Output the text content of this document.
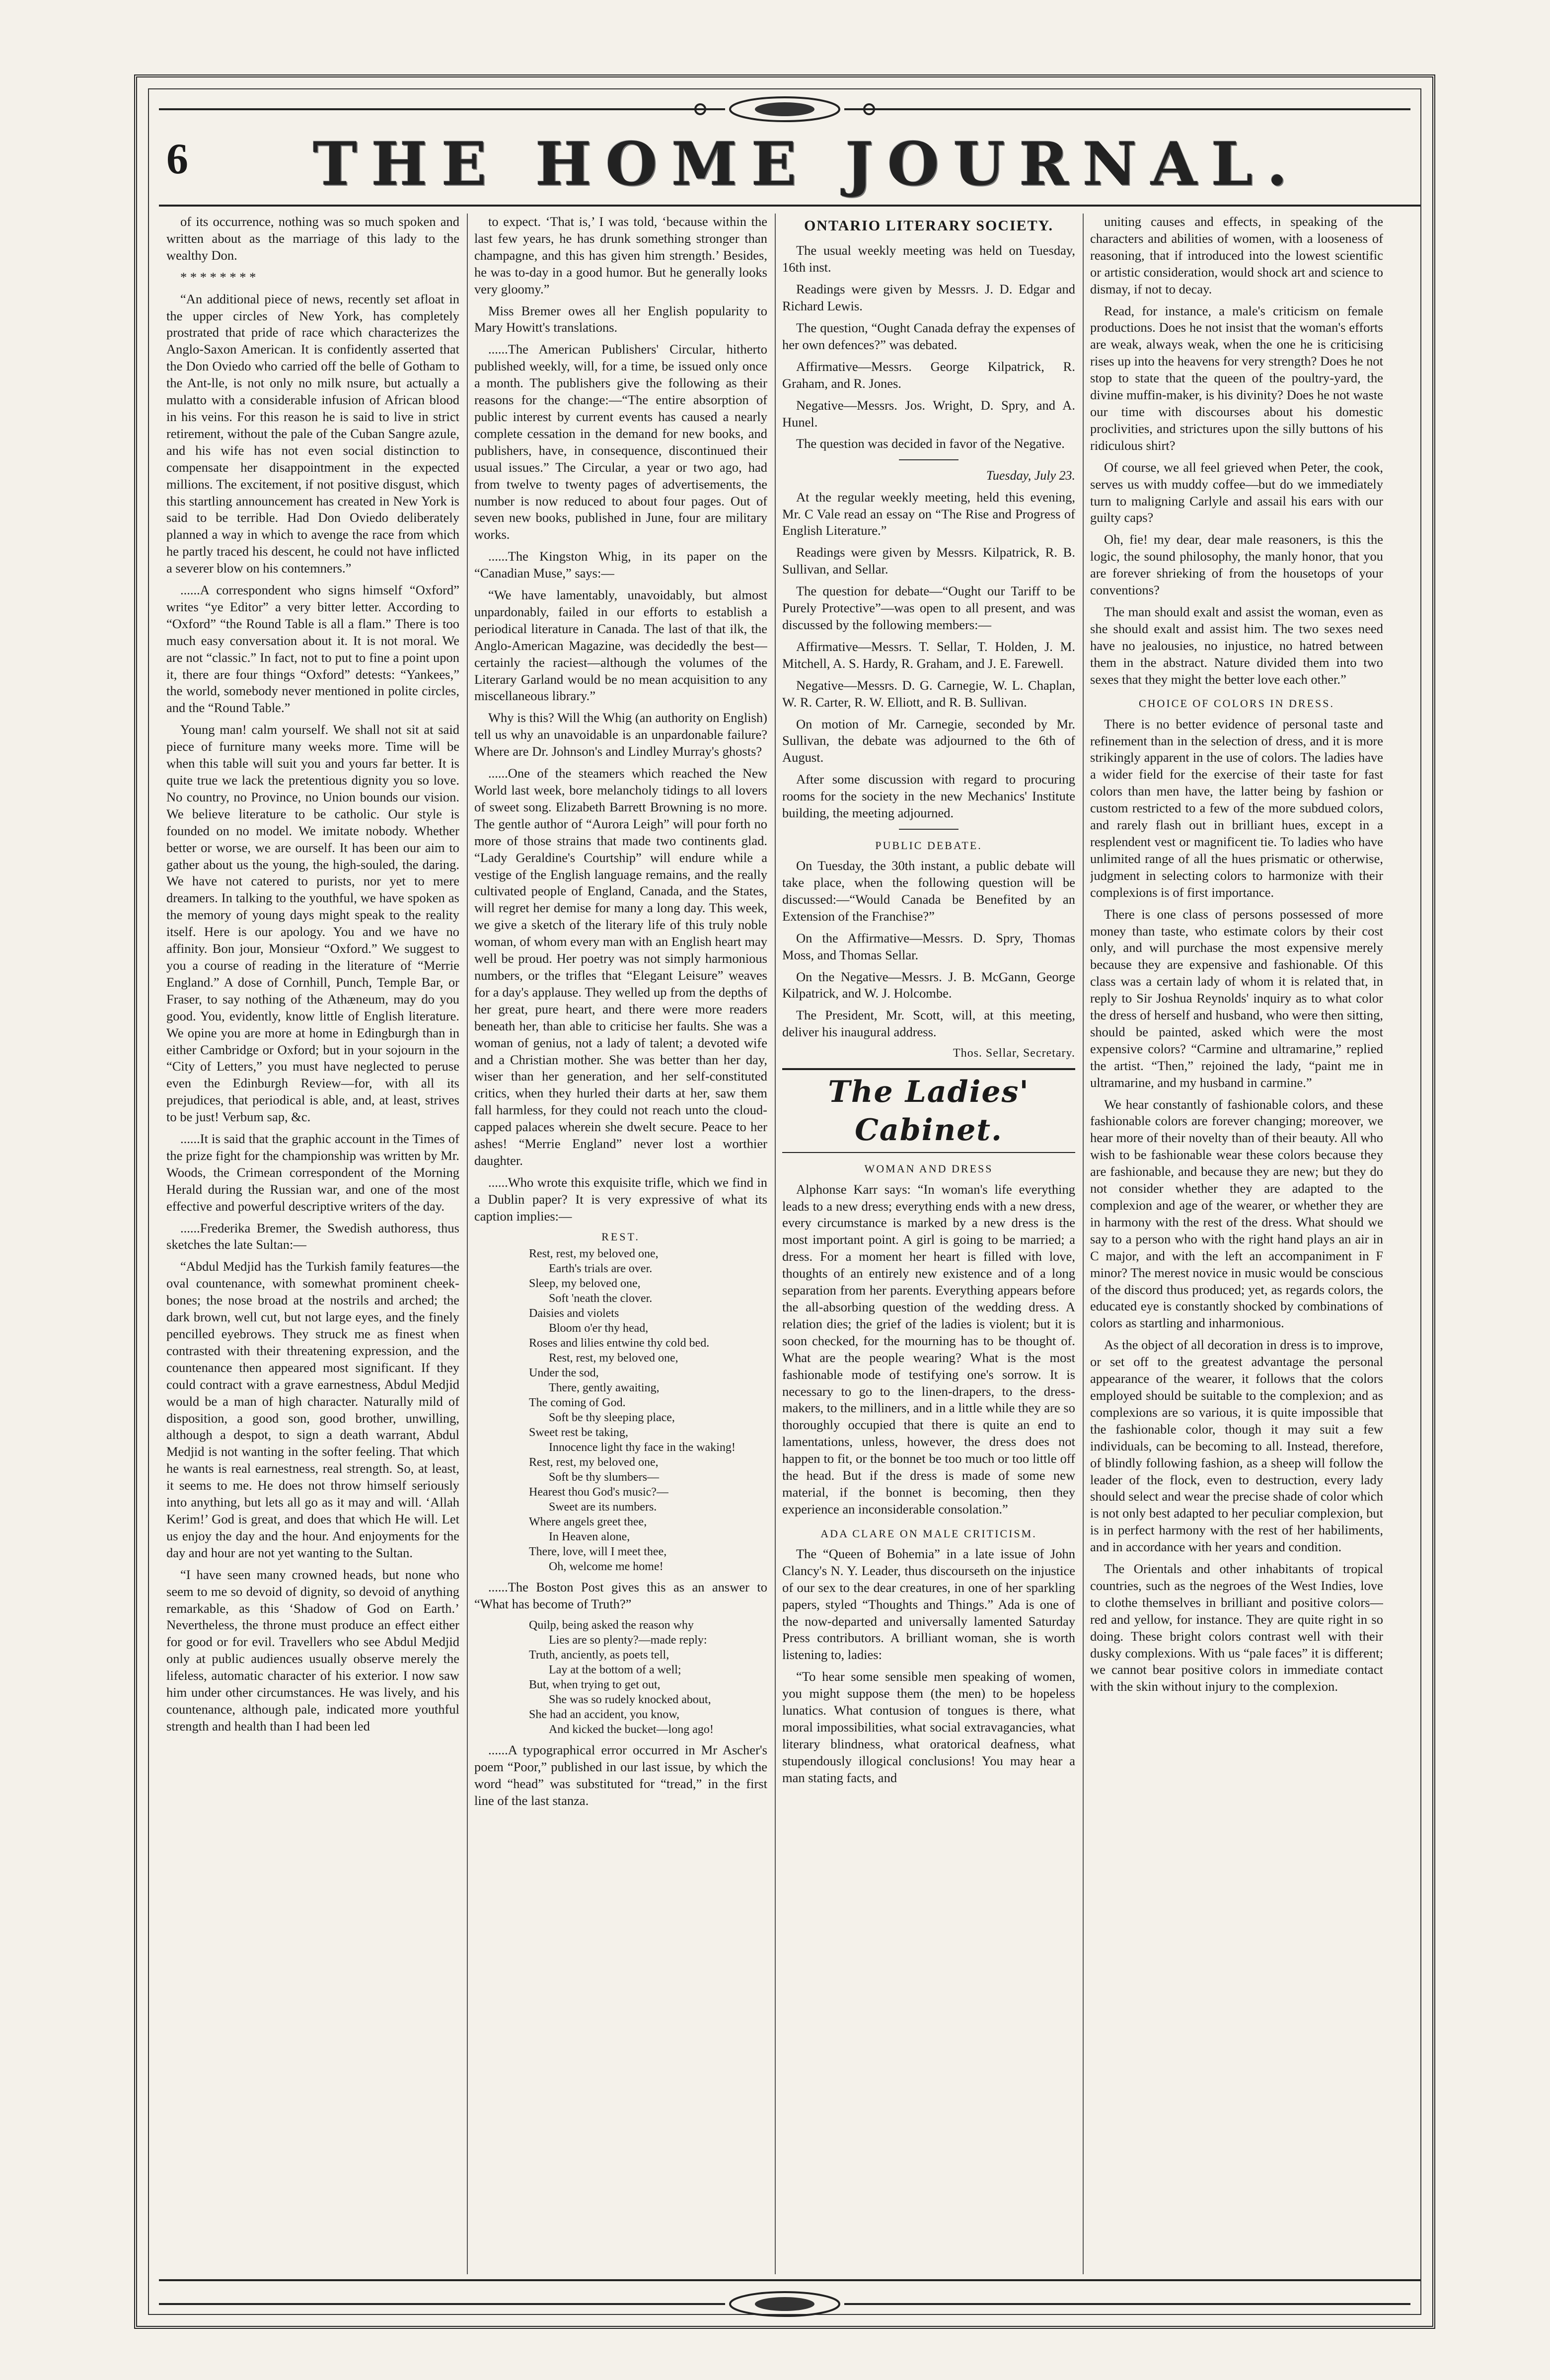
6 THE HOME JOURNAL.

of its occurrence, nothing was so much spoken and written about as the marriage of this lady to the wealthy Don.

* * * * * * * *

“An additional piece of news, recently set afloat in the upper circles of New York, has completely prostrated that pride of race which characterizes the Anglo-Saxon American. It is confidently asserted that the Don Oviedo who carried off the belle of Gotham to the Ant-lle, is not only no milk nsure, but actually a mulatto with a considerable infusion of African blood in his veins. For this reason he is said to live in strict retirement, without the pale of the Cuban Sangre azule, and his wife has not even social distinction to compensate her disappointment in the expected millions. The excitement, if not positive disgust, which this startling announcement has created in New York is said to be terrible. Had Don Oviedo deliberately planned a way in which to avenge the race from which he partly traced his descent, he could not have inflicted a severer blow on his contemners.”

......A correspondent who signs himself “Oxford” writes “ye Editor” a very bitter letter. According to “Oxford” “the Round Table is all a flam.” There is too much easy conversation about it. It is not moral. We are not “classic.” In fact, not to put to fine a point upon it, there are four things “Oxford” detests: “Yankees,” the world, somebody never mentioned in polite circles, and the “Round Table.”

Young man! calm yourself. We shall not sit at said piece of furniture many weeks more. Time will be when this table will suit you and yours far better. It is quite true we lack the pretentious dignity you so love. No country, no Province, no Union bounds our vision. We believe literature to be catholic. Our style is founded on no model. We imitate nobody. Whether better or worse, we are ourself. It has been our aim to gather about us the young, the high-souled, the daring. We have not catered to purists, nor yet to mere dreamers. In talking to the youthful, we have spoken as the memory of young days might speak to the reality itself. Here is our apology. You and we have no affinity. Bon jour, Monsieur “Oxford.” We suggest to you a course of reading in the literature of “Merrie England.” A dose of Cornhill, Punch, Temple Bar, or Fraser, to say nothing of the Athæneum, may do you good. You, evidently, know little of English literature. We opine you are more at home in Edingburgh than in either Cambridge or Oxford; but in your sojourn in the “City of Letters,” you must have neglected to peruse even the Edinburgh Review—for, with all its prejudices, that periodical is able, and, at least, strives to be just! Verbum sap, &c.

......It is said that the graphic account in the Times of the prize fight for the championship was written by Mr. Woods, the Crimean correspondent of the Morning Herald during the Russian war, and one of the most effective and powerful descriptive writers of the day.

......Frederika Bremer, the Swedish authoress, thus sketches the late Sultan:—

“Abdul Medjid has the Turkish family features—the oval countenance, with somewhat prominent cheek-bones; the nose broad at the nostrils and arched; the dark brown, well cut, but not large eyes, and the finely pencilled eyebrows. They struck me as finest when contrasted with their threatening expression, and the countenance then appeared most significant. If they could contract with a grave earnestness, Abdul Medjid would be a man of high character. Naturally mild of disposition, a good son, good brother, unwilling, although a despot, to sign a death warrant, Abdul Medjid is not wanting in the softer feeling. That which he wants is real earnestness, real strength. So, at least, it seems to me. He does not throw himself seriously into anything, but lets all go as it may and will. ‘Allah Kerim!’ God is great, and does that which He will. Let us enjoy the day and the hour. And enjoyments for the day and hour are not yet wanting to the Sultan.

“I have seen many crowned heads, but none who seem to me so devoid of dignity, so devoid of anything remarkable, as this ‘Shadow of God on Earth.’ Nevertheless, the throne must produce an effect either for good or for evil. Travellers who see Abdul Medjid only at public audiences usually observe merely the lifeless, automatic character of his exterior. I now saw him under other circumstances. He was lively, and his countenance, although pale, indicated more youthful strength and health than I had been led

to expect. ‘That is,’ I was told, ‘because within the last few years, he has drunk something stronger than champagne, and this has given him strength.’ Besides, he was to-day in a good humor. But he generally looks very gloomy.”

Miss Bremer owes all her English popularity to Mary Howitt's translations.

......The American Publishers' Circular, hitherto published weekly, will, for a time, be issued only once a month. The publishers give the following as their reasons for the change:—“The entire absorption of public interest by current events has caused a nearly complete cessation in the demand for new books, and publishers, have, in consequence, discontinued their usual issues.” The Circular, a year or two ago, had from twelve to twenty pages of advertisements, the number is now reduced to about four pages. Out of seven new books, published in June, four are military works.

......The Kingston Whig, in its paper on the “Canadian Muse,” says:—

“We have lamentably, unavoidably, but almost unpardonably, failed in our efforts to establish a periodical literature in Canada. The last of that ilk, the Anglo-American Magazine, was decidedly the best—certainly the raciest—although the volumes of the Literary Garland would be no mean acquisition to any miscellaneous library.”

Why is this? Will the Whig (an authority on English) tell us why an unavoidable is an unpardonable failure? Where are Dr. Johnson's and Lindley Murray's ghosts?

......One of the steamers which reached the New World last week, bore melancholy tidings to all lovers of sweet song. Elizabeth Barrett Browning is no more. The gentle author of “Aurora Leigh” will pour forth no more of those strains that made two continents glad. “Lady Geraldine's Courtship” will endure while a vestige of the English language remains, and the really cultivated people of England, Canada, and the States, will regret her demise for many a long day. This week, we give a sketch of the literary life of this truly noble woman, of whom every man with an English heart may well be proud. Her poetry was not simply harmonious numbers, or the trifles that “Elegant Leisure” weaves for a day's applause. They welled up from the depths of her great, pure heart, and there were more readers beneath her, than able to criticise her faults. She was a woman of genius, not a lady of talent; a devoted wife and a Christian mother. She was better than her day, wiser than her generation, and her self-constituted critics, when they hurled their darts at her, saw them fall harmless, for they could not reach unto the cloud-capped palaces wherein she dwelt secure. Peace to her ashes! “Merrie England” never lost a worthier daughter.

......Who wrote this exquisite trifle, which we find in a Dublin paper? It is very expressive of what its caption implies:—

REST.
Rest, rest, my beloved one,
Earth's trials are over.
Sleep, my beloved one,
Soft 'neath the clover.
Daisies and violets
Bloom o'er thy head,
Roses and lilies entwine thy cold bed.
Rest, rest, my beloved one,
Under the sod,
There, gently awaiting,
The coming of God.
Soft be thy sleeping place,
Sweet rest be taking,
Innocence light thy face in the waking!
Rest, rest, my beloved one,
Soft be thy slumbers—
Hearest thou God's music?—
Sweet are its numbers.
Where angels greet thee,
In Heaven alone,
There, love, will I meet thee,
Oh, welcome me home!

......The Boston Post gives this as an answer to “What has become of Truth?”

Quilp, being asked the reason why
Lies are so plenty?—made reply:
Truth, anciently, as poets tell,
Lay at the bottom of a well;
But, when trying to get out,
She was so rudely knocked about,
She had an accident, you know,
And kicked the bucket—long ago!

......A typographical error occurred in Mr Ascher's poem “Poor,” published in our last issue, by which the word “head” was substituted for “tread,” in the first line of the last stanza.

ONTARIO LITERARY SOCIETY.

The usual weekly meeting was held on Tuesday, 16th inst.

Readings were given by Messrs. J. D. Edgar and Richard Lewis.

The question, “Ought Canada defray the expenses of her own defences?” was debated.

Affirmative—Messrs. George Kilpatrick, R. Graham, and R. Jones.

Negative—Messrs. Jos. Wright, D. Spry, and A. Hunel.

The question was decided in favor of the Negative.

Tuesday, July 23.

At the regular weekly meeting, held this evening, Mr. C Vale read an essay on “The Rise and Progress of English Literature.”

Readings were given by Messrs. Kilpatrick, R. B. Sullivan, and Sellar.

The question for debate—“Ought our Tariff to be Purely Protective”—was open to all present, and was discussed by the following members:—

Affirmative—Messrs. T. Sellar, T. Holden, J. M. Mitchell, A. S. Hardy, R. Graham, and J. E. Farewell.

Negative—Messrs. D. G. Carnegie, W. L. Chaplan, W. R. Carter, R. W. Elliott, and R. B. Sullivan.

On motion of Mr. Carnegie, seconded by Mr. Sullivan, the debate was adjourned to the 6th of August.

After some discussion with regard to procuring rooms for the society in the new Mechanics' Institute building, the meeting adjourned.

PUBLIC DEBATE.

On Tuesday, the 30th instant, a public debate will take place, when the following question will be discussed:—“Would Canada be Benefited by an Extension of the Franchise?”

On the Affirmative—Messrs. D. Spry, Thomas Moss, and Thomas Sellar.

On the Negative—Messrs. J. B. McGann, George Kilpatrick, and W. J. Holcombe.

The President, Mr. Scott, will, at this meeting, deliver his inaugural address.

Thos. Sellar, Secretary.
The Ladies' Cabinet.
WOMAN AND DRESS

Alphonse Karr says: “In woman's life everything leads to a new dress; everything ends with a new dress, every circumstance is marked by a new dress is the most important point. A girl is going to be married; a dress. For a moment her heart is filled with love, thoughts of an entirely new existence and of a long separation from her parents. Everything appears before the all-absorbing question of the wedding dress. A relation dies; the grief of the ladies is violent; but it is soon checked, for the mourning has to be thought of. What are the people wearing? What is the most fashionable mode of testifying one's sorrow. It is necessary to go to the linen-drapers, to the dress-makers, to the milliners, and in a little while they are so thoroughly occupied that there is quite an end to lamentations, unless, however, the dress does not happen to fit, or the bonnet be too much or too little off the head. But if the dress is made of some new material, if the bonnet is becoming, then they experience an inconsiderable consolation.”

ADA CLARE ON MALE CRITICISM.

The “Queen of Bohemia” in a late issue of John Clancy's N. Y. Leader, thus discourseth on the injustice of our sex to the dear creatures, in one of her sparkling papers, styled “Thoughts and Things.” Ada is one of the now-departed and universally lamented Saturday Press contributors. A brilliant woman, she is worth listening to, ladies:

“To hear some sensible men speaking of women, you might suppose them (the men) to be hopeless lunatics. What contusion of tongues is there, what moral impossibilities, what social extravagancies, what literary blindness, what oratorical deafness, what stupendously illogical conclusions! You may hear a man stating facts, and

uniting causes and effects, in speaking of the characters and abilities of women, with a looseness of reasoning, that if introduced into the lowest scientific or artistic consideration, would shock art and science to dismay, if not to decay.

Read, for instance, a male's criticism on female productions. Does he not insist that the woman's efforts are weak, always weak, when the one he is criticising rises up into the heavens for very strength? Does he not stop to state that the queen of the poultry-yard, the divine muffin-maker, is his divinity? Does he not waste our time with discourses about his domestic proclivities, and strictures upon the silly buttons of his ridiculous shirt?

Of course, we all feel grieved when Peter, the cook, serves us with muddy coffee—but do we immediately turn to maligning Carlyle and assail his ears with our guilty caps?

Oh, fie! my dear, dear male reasoners, is this the logic, the sound philosophy, the manly honor, that you are forever shrieking of from the housetops of your conventions?

The man should exalt and assist the woman, even as she should exalt and assist him. The two sexes need have no jealousies, no injustice, no hatred between them in the abstract. Nature divided them into two sexes that they might the better love each other.”

CHOICE OF COLORS IN DRESS.

There is no better evidence of personal taste and refinement than in the selection of dress, and it is more strikingly apparent in the use of colors. The ladies have a wider field for the exercise of their taste for fast colors than men have, the latter being by fashion or custom restricted to a few of the more subdued colors, and rarely flash out in brilliant hues, except in a resplendent vest or magnificent tie. To ladies who have unlimited range of all the hues prismatic or otherwise, judgment in selecting colors to harmonize with their complexions is of first importance.

There is one class of persons possessed of more money than taste, who estimate colors by their cost only, and will purchase the most expensive merely because they are expensive and fashionable. Of this class was a certain lady of whom it is related that, in reply to Sir Joshua Reynolds' inquiry as to what color the dress of herself and husband, who were then sitting, should be painted, asked which were the most expensive colors? “Carmine and ultramarine,” replied the artist. “Then,” rejoined the lady, “paint me in ultramarine, and my husband in carmine.”

We hear constantly of fashionable colors, and these fashionable colors are forever changing; moreover, we hear more of their novelty than of their beauty. All who wish to be fashionable wear these colors because they are fashionable, and because they are new; but they do not consider whether they are adapted to the complexion and age of the wearer, or whether they are in harmony with the rest of the dress. What should we say to a person who with the right hand plays an air in C major, and with the left an accompaniment in F minor? The merest novice in music would be conscious of the discord thus produced; yet, as regards colors, the educated eye is constantly shocked by combinations of colors as startling and inharmonious.

As the object of all decoration in dress is to improve, or set off to the greatest advantage the personal appearance of the wearer, it follows that the colors employed should be suitable to the complexion; and as complexions are so various, it is quite impossible that the fashionable color, though it may suit a few individuals, can be becoming to all. Instead, therefore, of blindly following fashion, as a sheep will follow the leader of the flock, even to destruction, every lady should select and wear the precise shade of color which is not only best adapted to her peculiar complexion, but is in perfect harmony with the rest of her habiliments, and in accordance with her years and condition.

The Orientals and other inhabitants of tropical countries, such as the negroes of the West Indies, love to clothe themselves in brilliant and positive colors—red and yellow, for instance. They are quite right in so doing. These bright colors contrast well with their dusky complexions. With us “pale faces” it is different; we cannot bear positive colors in immediate contact with the skin without injury to the complexion.
